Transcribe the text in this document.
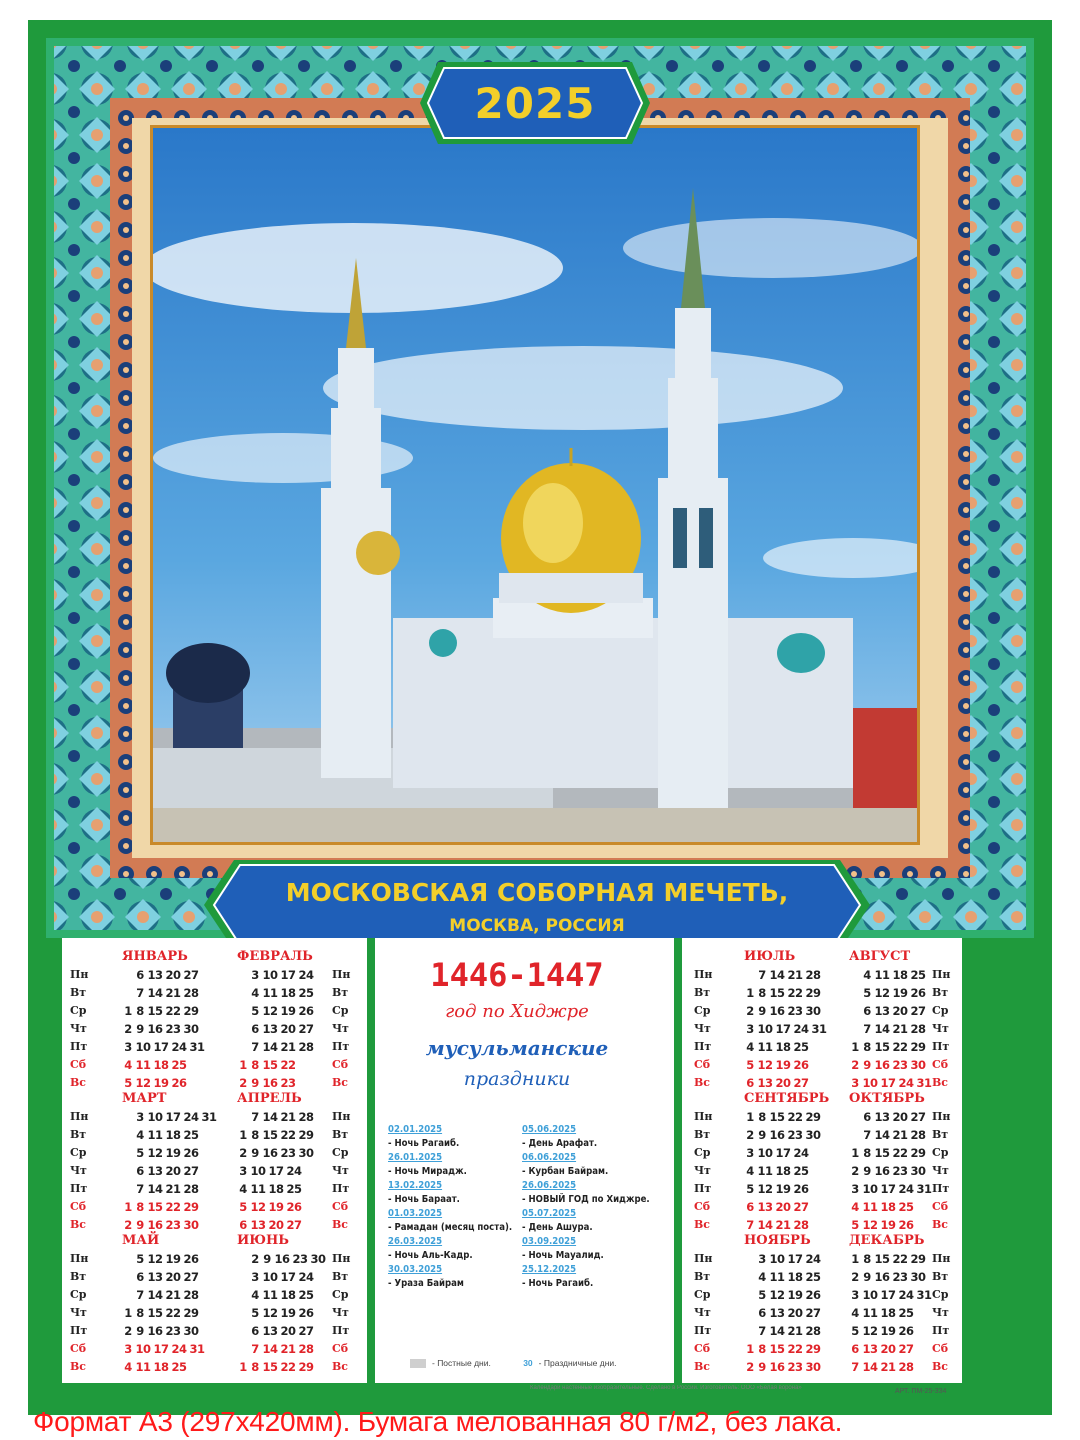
2025
МОСКОВСКАЯ СОБОРНАЯ МЕЧЕТЬ,
МОСКВА, РОССИЯ
Пн
Вт
Ср
Чт
Пт
Сб
Вс
Пн
Вт
Ср
Чт
Пт
Сб
Вс
Пн
Вт
Ср
Чт
Пт
Сб
Вс
Пн
Вт
Ср
Чт
Пт
Сб
Вс
Пн
Вт
Ср
Чт
Пт
Сб
Вс
Пн
Вт
Ср
Чт
Пт
Сб
Вс
ЯНВАРЬ
6 13 20 27
7 14 21 28
1 8 15 22 29
2 9 16 23 30
3 10 17 24 31
4 11 18 25
5 12 19 26
ФЕВРАЛЬ
3 10 17 24
4 11 18 25
5 12 19 26
6 13 20 27
7 14 21 28
1 8 15 22
2 9 16 23
МАРТ
3 10 17 24 31
4 11 18 25
5 12 19 26
6 13 20 27
7 14 21 28
1 8 15 22 29
2 9 16 23 30
АПРЕЛЬ
7 14 21 28
1 8 15 22 29
2 9 16 23 30
3 10 17 24
4 11 18 25
5 12 19 26
6 13 20 27
МАЙ
5 12 19 26
6 13 20 27
7 14 21 28
1 8 15 22 29
2 9 16 23 30
3 10 17 24 31
4 11 18 25
ИЮНЬ
2 9 16 23 30
3 10 17 24
4 11 18 25
5 12 19 26
6 13 20 27
7 14 21 28
1 8 15 22 29
1446-1447
год по Хиджре
мусульманские
праздники
02.01.2025
- Ночь Рагаиб.
26.01.2025
- Ночь Мирадж.
13.02.2025
- Ночь Бараат.
01.03.2025
- Рамадан (месяц поста).
26.03.2025
- Ночь Аль-Кадр.
30.03.2025
- Ураза Байрам
05.06.2025
- День Арафат.
06.06.2025
- Курбан Байрам.
26.06.2025
- НОВЫЙ ГОД по Хиджре.
05.07.2025
- День Ашура.
03.09.2025
- Ночь Мауалид.
25.12.2025
- Ночь Рагаиб.
- Постные дни.	30 - Праздничные дни.
Пн
Вт
Ср
Чт
Пт
Сб
Вс
Пн
Вт
Ср
Чт
Пт
Сб
Вс
Пн
Вт
Ср
Чт
Пт
Сб
Вс
Пн
Вт
Ср
Чт
Пт
Сб
Вс
Пн
Вт
Ср
Чт
Пт
Сб
Вс
Пн
Вт
Ср
Чт
Пт
Сб
Вс
ИЮЛЬ
7 14 21 28
1 8 15 22 29
2 9 16 23 30
3 10 17 24 31
4 11 18 25
5 12 19 26
6 13 20 27
АВГУСТ
4 11 18 25
5 12 19 26
6 13 20 27
7 14 21 28
1 8 15 22 29
2 9 16 23 30
3 10 17 24 31
СЕНТЯБРЬ
1 8 15 22 29
2 9 16 23 30
3 10 17 24
4 11 18 25
5 12 19 26
6 13 20 27
7 14 21 28
ОКТЯБРЬ
6 13 20 27
7 14 21 28
1 8 15 22 29
2 9 16 23 30
3 10 17 24 31
4 11 18 25
5 12 19 26
НОЯБРЬ
3 10 17 24
4 11 18 25
5 12 19 26
6 13 20 27
7 14 21 28
1 8 15 22 29
2 9 16 23 30
ДЕКАБРЬ
1 8 15 22 29
2 9 16 23 30
3 10 17 24 31
4 11 18 25
5 12 19 26
6 13 20 27
7 14 21 28
Календари настенные изобразительные. Сделано в России. Изготовитель: ООО «Белая ворона»	АРТ. ПМ-25-334
Формат А3 (297х420мм). Бумага мелованная 80 г/м2, без лака.
